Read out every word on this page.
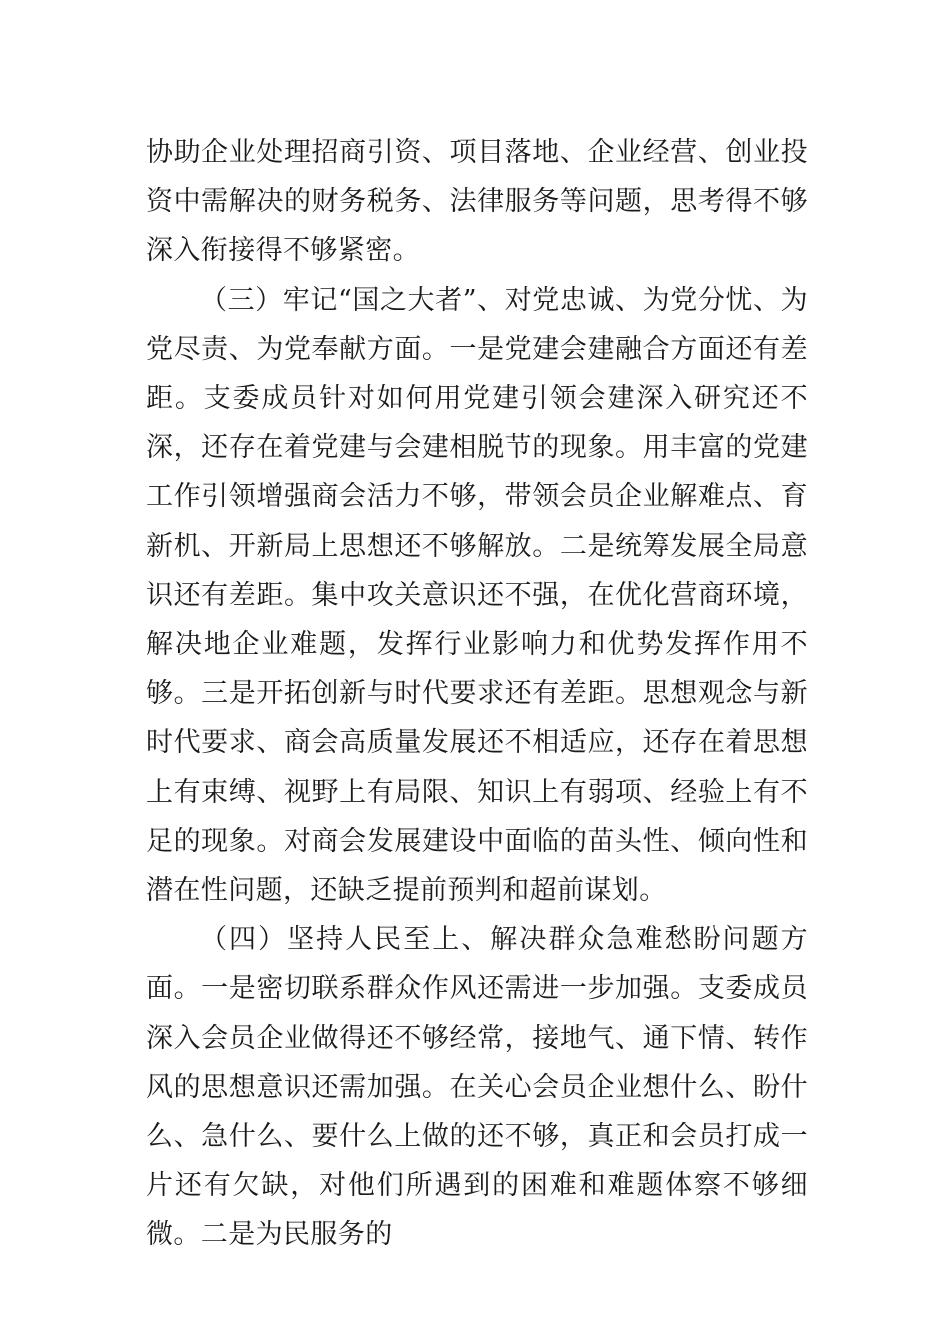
协助企业处理招商引资、项目落地、企业经营、创业投资中需解决的财务税务、法律服务等问题，思考得不够深入衔接得不够紧密。

（三）牢记“国之大者”、对党忠诚、为党分忧、为党尽责、为党奉献方面。一是党建会建融合方面还有差距。支委成员针对如何用党建引领会建深入研究还不深，还存在着党建与会建相脱节的现象。用丰富的党建工作引领增强商会活力不够，带领会员企业解难点、育新机、开新局上思想还不够解放。二是统筹发展全局意识还有差距。集中攻关意识还不强，在优化营商环境，解决地企业难题，发挥行业影响力和优势发挥作用不够。三是开拓创新与时代要求还有差距。思想观念与新时代要求、商会高质量发展还不相适应，还存在着思想上有束缚、视野上有局限、知识上有弱项、经验上有不足的现象。对商会发展建设中面临的苗头性、倾向性和潜在性问题，还缺乏提前预判和超前谋划。

（四）坚持人民至上、解决群众急难愁盼问题方面。一是密切联系群众作风还需进一步加强。支委成员深入会员企业做得还不够经常，接地气、通下情、转作风的思想意识还需加强。在关心会员企业想什么、盼什么、急什么、要什么上做的还不够，真正和会员打成一片还有欠缺，对他们所遇到的困难和难题体察不够细微。二是为民服务的
